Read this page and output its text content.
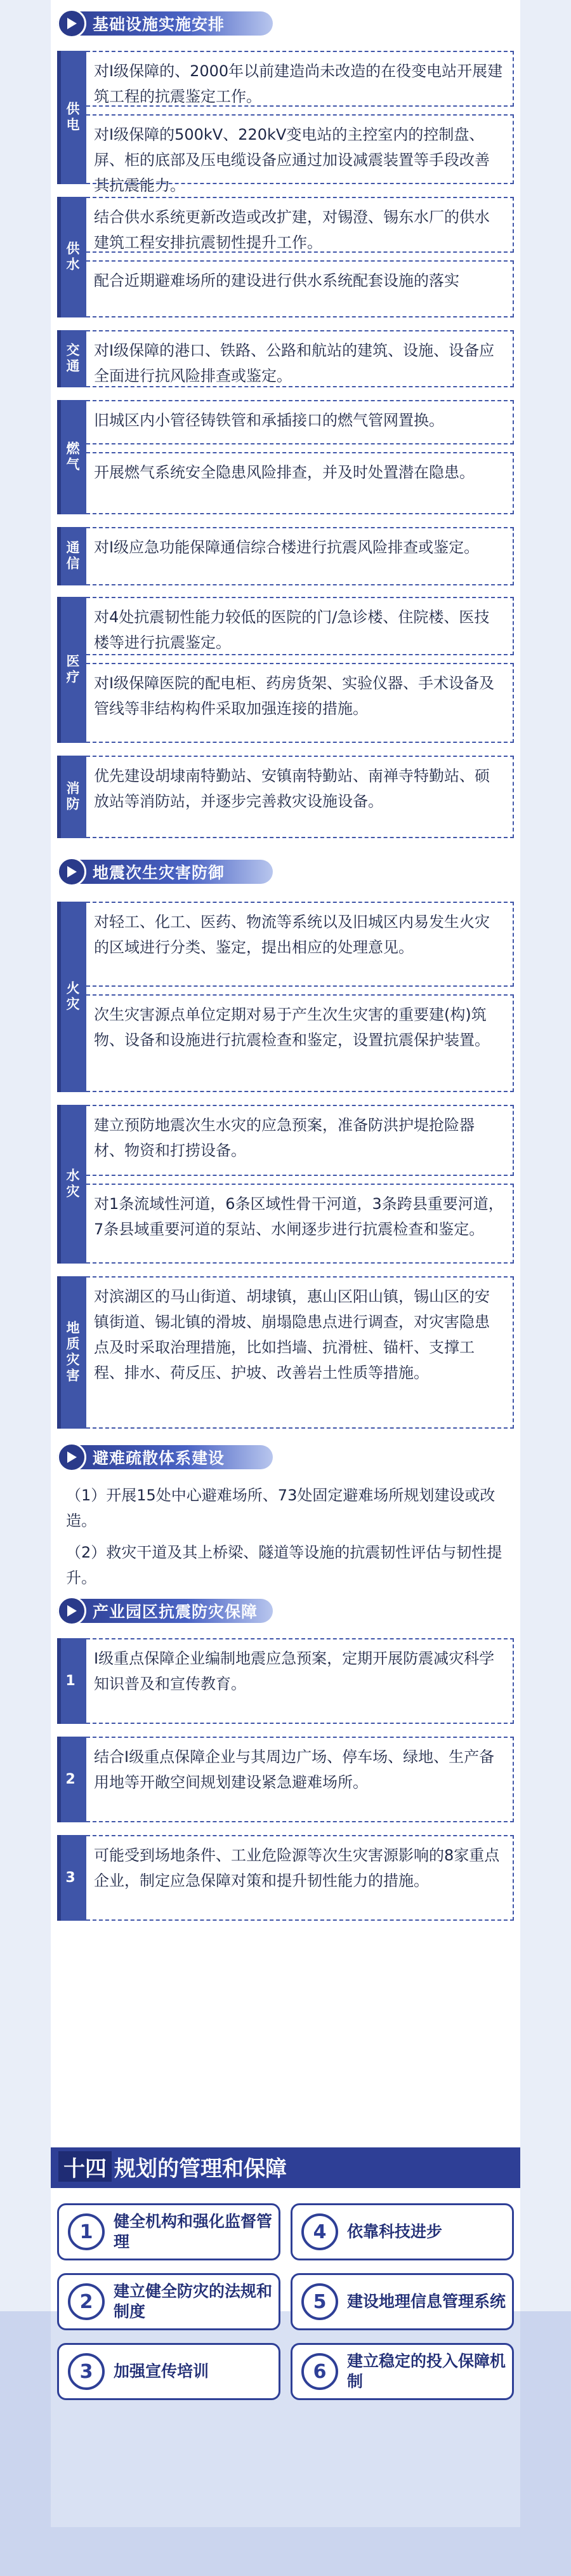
基础设施实施安排
供电
对Ⅰ级保障的、2000年以前建造尚未改造的在役变电站开展建筑工程的抗震鉴定工作。
对Ⅰ级保障的500kV、220kV变电站的主控室内的控制盘、屏、柜的底部及压电缆设备应通过加设减震装置等手段改善其抗震能力。
供水
结合供水系统更新改造或改扩建，对锡澄、锡东水厂的供水建筑工程安排抗震韧性提升工作。
配合近期避难场所的建设进行供水系统配套设施的落实
交通 对Ⅰ级保障的港口、铁路、公路和航站的建筑、设施、设备应全面进行抗风险排查或鉴定。
燃气
旧城区内小管径铸铁管和承插接口的燃气管网置换。
开展燃气系统安全隐患风险排查，并及时处置潜在隐患。
通信 对Ⅰ级应急功能保障通信综合楼进行抗震风险排查或鉴定。
医疗
对4处抗震韧性能力较低的医院的门/急诊楼、住院楼、医技楼等进行抗震鉴定。
对Ⅰ级保障医院的配电柜、药房货架、实验仪器、手术设备及管线等非结构构件采取加强连接的措施。
消防
优先建设胡埭南特勤站、安镇南特勤站、南禅寺特勤站、硕放站等消防站，并逐步完善救灾设施设备。
地震次生灾害防御
火灾
对轻工、化工、医药、物流等系统以及旧城区内易发生火灾的区域进行分类、鉴定，提出相应的处理意见。
次生灾害源点单位定期对易于产生次生灾害的重要建(构)筑物、设备和设施进行抗震检查和鉴定，设置抗震保护装置。
水灾
建立预防地震次生水灾的应急预案，准备防洪护堤抢险器材、物资和打捞设备。
对1条流域性河道，6条区域性骨干河道，3条跨县重要河道，7条县域重要河道的泵站、水闸逐步进行抗震检查和鉴定。
地质灾害
对滨湖区的马山街道、胡埭镇，惠山区阳山镇，锡山区的安镇街道、锡北镇的滑坡、崩塌隐患点进行调查，对灾害隐患点及时采取治理措施，比如挡墙、抗滑桩、锚杆、支撑工程、排水、荷反压、护坡、改善岩土性质等措施。
避难疏散体系建设
（1）开展15处中心避难场所、73处固定避难场所规划建设或改造。
（2）救灾干道及其上桥梁、隧道等设施的抗震韧性评估与韧性提升。
产业园区抗震防灾保障
1
Ⅰ级重点保障企业编制地震应急预案，定期开展防震减灾科学知识普及和宣传教育。
2
结合Ⅰ级重点保障企业与其周边广场、停车场、绿地、生产备用地等开敞空间规划建设紧急避难场所。
3
可能受到场地条件、工业危险源等次生灾害源影响的8家重点企业，制定应急保障对策和提升韧性能力的措施。
十四 规划的管理和保障
1	健全机构和强化监督管理
2	建立健全防灾的法规和制度
3	加强宣传培训
4	依靠科技进步
5	建设地理信息管理系统
6	建立稳定的投入保障机制
